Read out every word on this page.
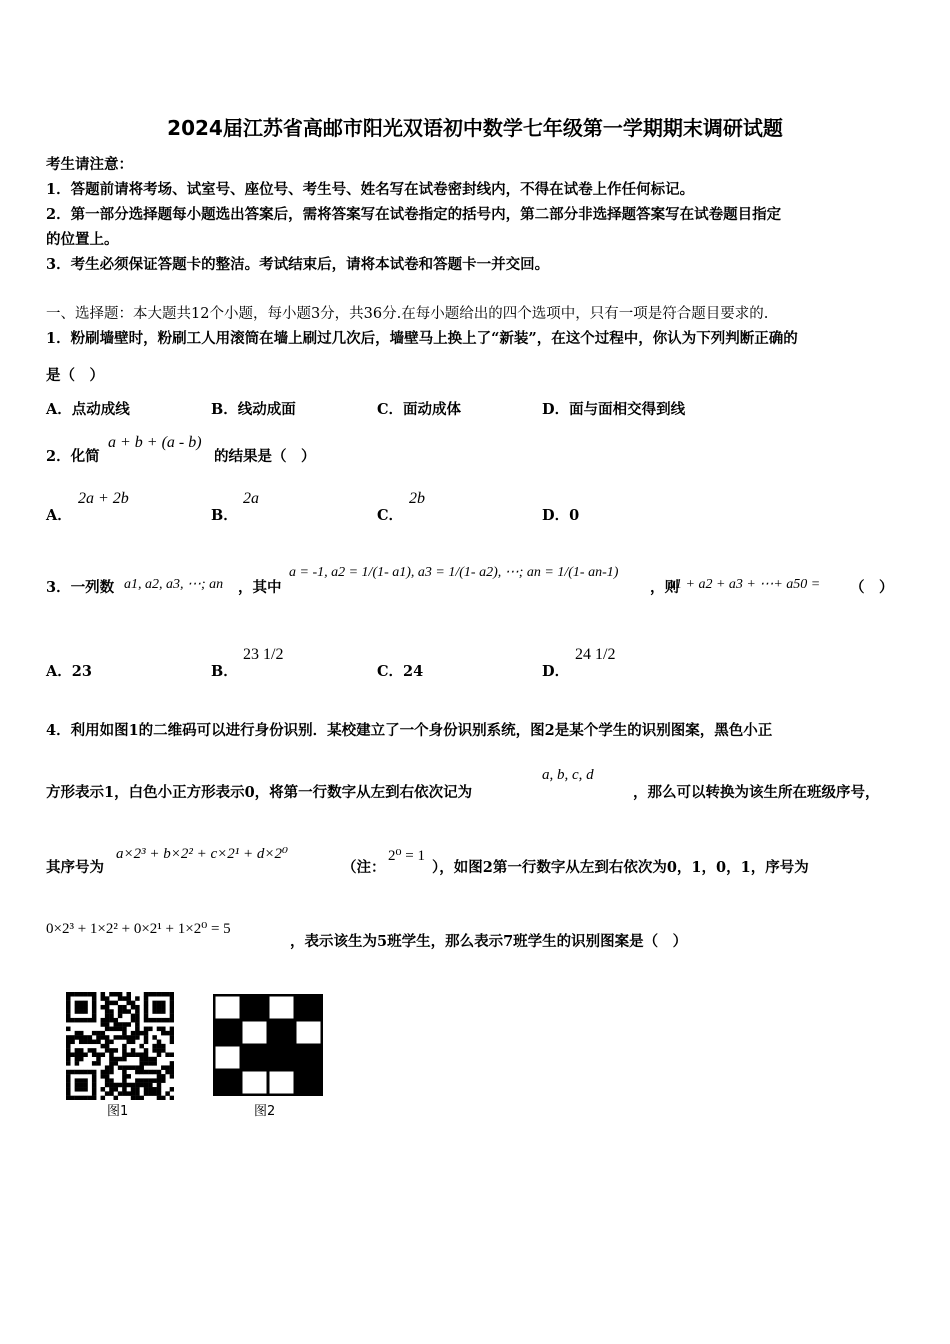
2024届江苏省高邮市阳光双语初中数学七年级第一学期期末调研试题
考生请注意：
1．答题前请将考场、试室号、座位号、考生号、姓名写在试卷密封线内，不得在试卷上作任何标记。
2．第一部分选择题每小题选出答案后，需将答案写在试卷指定的括号内，第二部分非选择题答案写在试卷题目指定
的位置上。
3．考生必须保证答题卡的整洁。考试结束后，请将本试卷和答题卡一并交回。
一、选择题：本大题共12个小题，每小题3分，共36分.在每小题给出的四个选项中，只有一项是符合题目要求的.
1．粉刷墙壁时，粉刷工人用滚筒在墙上刷过几次后，墙壁马上换上了“新装”，在这个过程中，你认为下列判断正确的
是（　）
A．点动成线	B．线动成面	C．面动成体	D．面与面相交得到线
2．化简
a + b + (a - b)
的结果是（　）
A．
2a + 2b
B．
2a
C．
2b
D．0
3．一列数 a1, a2, a3, ⋯; an ，其中
a = -1, a2 = 1/(1- a1), a3 = 1/(1- a2), ⋯; an = 1/(1- an-1)
，则
a1 + a2 + a3 + ⋯+ a50 = （　）
A．23	B．
23 1/2
C．24	D．
24 1/2
4．利用如图1的二维码可以进行身份识别．某校建立了一个身份识别系统，图2是某个学生的识别图案，黑色小正
方形表示1，白色小正方形表示0，将第一行数字从左到右依次记为
a, b, c, d
，那么可以转换为该生所在班级序号，
其序号为
a×2³ + b×2² + c×2¹ + d×2⁰
（注：
2⁰ = 1
），如图2第一行数字从左到右依次为0，1，0，1，序号为
0×2³ + 1×2² + 0×2¹ + 1×2⁰ = 5
，表示该生为5班学生，那么表示7班学生的识别图案是（　）
图1	图2
